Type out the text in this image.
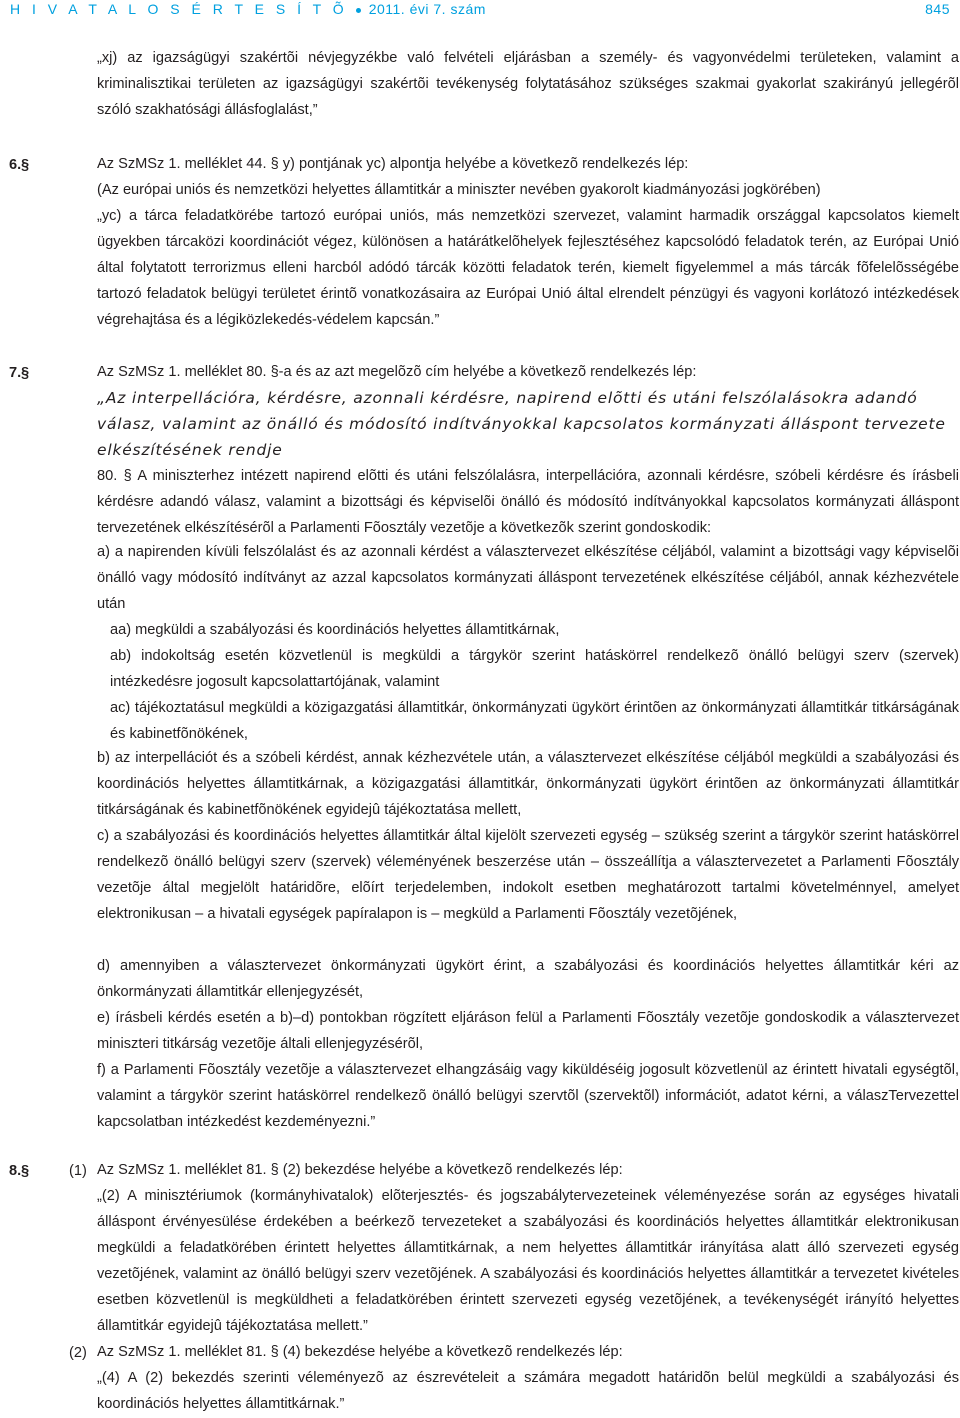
H I V A T A L O S É R T E S Í T Õ 2011. évi 7. szám	845

„xj) az igazságügyi szakértõi névjegyzékbe való felvételi eljárásban a személy- és vagyonvédelmi területeken, valamint a kriminalisztikai területen az igazságügyi szakértõi tevékenység folytatásához szükséges szakmai gyakorlat szakirányú jellegérõl szóló szakhatósági állásfoglalást,”

6. §	Az SzMSz 1. melléklet 44. § y) pontjának yc) alpontja helyébe a következõ rendelkezés lép:

(Az európai uniós és nemzetközi helyettes államtitkár a miniszter nevében gyakorolt kiadmányozási jogkörében)

„yc) a tárca feladatkörébe tartozó európai uniós, más nemzetközi szervezet, valamint harmadik országgal kapcsolatos kiemelt ügyekben tárcaközi koordinációt végez, különösen a határátkelõhelyek fejlesztéséhez kapcsolódó feladatok terén, az Európai Unió által folytatott terrorizmus elleni harcból adódó tárcák közötti feladatok terén, kiemelt figyelemmel a más tárcák fõfelelõsségébe tartozó feladatok belügyi területet érintõ vonatkozásaira az Európai Unió által elrendelt pénzügyi és vagyoni korlátozó intézkedések végrehajtása és a légiközlekedés-védelem kapcsán.”

7. §	Az SzMSz 1. melléklet 80. §-a és az azt megelõzõ cím helyébe a következõ rendelkezés lép:

„Az interpellációra, kérdésre, azonnali kérdésre, napirend elõtti és utáni felszólalásokra adandó válasz, valamint az önálló és módosító indítványokkal kapcsolatos kormányzati álláspont tervezete elkészítésének rendje

80. § A miniszterhez intézett napirend elõtti és utáni felszólalásra, interpellációra, azonnali kérdésre, szóbeli kérdésre és írásbeli kérdésre adandó válasz, valamint a bizottsági és képviselõi önálló és módosító indítványokkal kapcsolatos kormányzati álláspont tervezetének elkészítésérõl a Parlamenti Fõosztály vezetõje a következõk szerint gondoskodik:

a) a napirenden kívüli felszólalást és az azonnali kérdést a választervezet elkészítése céljából, valamint a bizottsági vagy képviselõi önálló vagy módosító indítványt az azzal kapcsolatos kormányzati álláspont tervezetének elkészítése céljából, annak kézhezvétele után

aa) megküldi a szabályozási és koordinációs helyettes államtitkárnak,

ab) indokoltság esetén közvetlenül is megküldi a tárgykör szerint hatáskörrel rendelkezõ önálló belügyi szerv (szervek) intézkedésre jogosult kapcsolattartójának, valamint

ac) tájékoztatásul megküldi a közigazgatási államtitkár, önkormányzati ügykört érintõen az önkormányzati államtitkár titkárságának és kabinetfõnökének,

b) az interpellációt és a szóbeli kérdést, annak kézhezvétele után, a választervezet elkészítése céljából megküldi a szabályozási és koordinációs helyettes államtitkárnak, a közigazgatási államtitkár, önkormányzati ügykört érintõen az önkormányzati államtitkár titkárságának és kabinetfõnökének egyidejû tájékoztatása mellett,

c) a szabályozási és koordinációs helyettes államtitkár által kijelölt szervezeti egység – szükség szerint a tárgykör szerint hatáskörrel rendelkezõ önálló belügyi szerv (szervek) véleményének beszerzése után – összeállítja a választervezetet a Parlamenti Fõosztály vezetõje által megjelölt határidõre, elõírt terjedelemben, indokolt esetben meghatározott tartalmi követelménnyel, amelyet elektronikusan – a hivatali egységek papíralapon is – megküld a Parlamenti Fõosztály vezetõjének,

d) amennyiben a választervezet önkormányzati ügykört érint, a szabályozási és koordinációs helyettes államtitkár kéri az önkormányzati államtitkár ellenjegyzését,

e) írásbeli kérdés esetén a b)–d) pontokban rögzített eljáráson felül a Parlamenti Fõosztály vezetõje gondoskodik a választervezet miniszteri titkárság vezetõje általi ellenjegyzésérõl,

f) a Parlamenti Fõosztály vezetõje a választervezet elhangzásáig vagy kiküldéséig jogosult közvetlenül az érintett hivatali egységtõl, valamint a tárgykör szerint hatáskörrel rendelkezõ önálló belügyi szervtõl (szervektõl) információt, adatot kérni, a válaszTervezettel kapcsolatban intézkedést kezdeményezni.”

8. §	(1) Az SzMSz 1. melléklet 81. § (2) bekezdése helyébe a következõ rendelkezés lép:

„(2) A minisztériumok (kormányhivatalok) elõterjesztés- és jogszabálytervezeteinek véleményezése során az egységes hivatali álláspont érvényesülése érdekében a beérkezõ tervezeteket a szabályozási és koordinációs helyettes államtitkár elektronikusan megküldi a feladatkörében érintett helyettes államtitkárnak, a nem helyettes államtitkár irányítása alatt álló szervezeti egység vezetõjének, valamint az önálló belügyi szerv vezetõjének. A szabályozási és koordinációs helyettes államtitkár a tervezetet kivételes esetben közvetlenül is megküldheti a feladatkörében érintett szervezeti egység vezetõjének, a tevékenységét irányító helyettes államtitkár egyidejû tájékoztatása mellett.”

(2) Az SzMSz 1. melléklet 81. § (4) bekezdése helyébe a következõ rendelkezés lép:

„(4) A (2) bekezdés szerinti véleményezõ az észrevételeit a számára megadott határidõn belül megküldi a szabályozási és koordinációs helyettes államtitkárnak.”
